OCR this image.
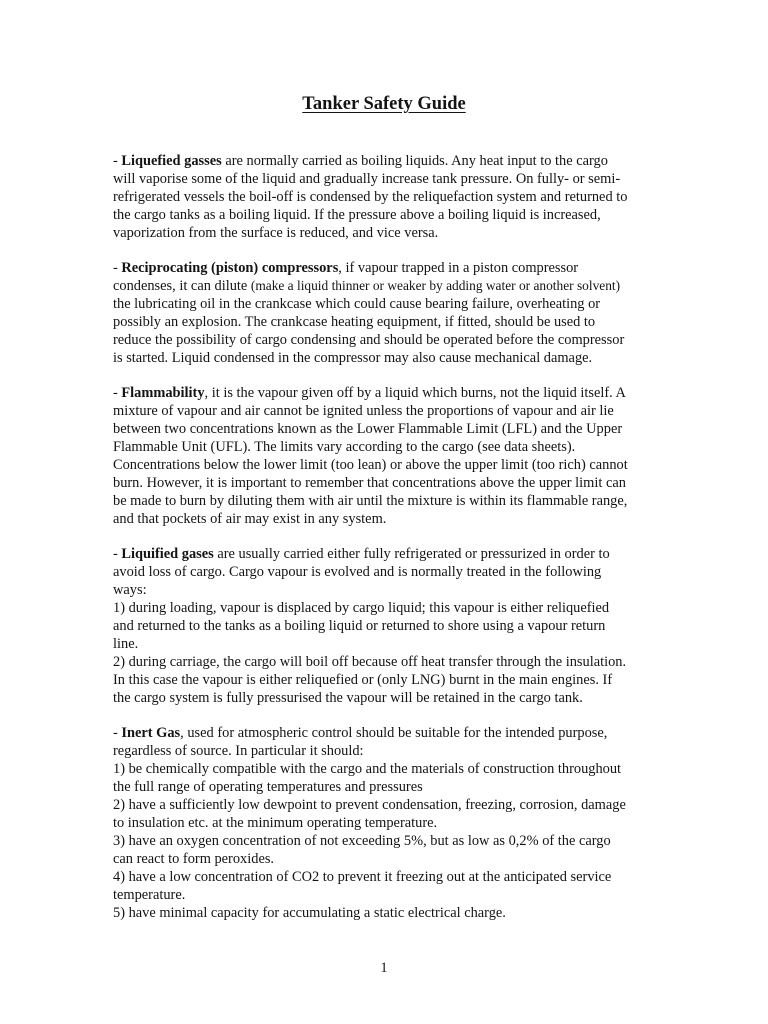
Tanker Safety Guide
- Liquefied gasses are normally carried as boiling liquids. Any heat input to the cargo
will vaporise some of the liquid and gradually increase tank pressure. On fully- or semi-
refrigerated vessels the boil-off is condensed by the reliquefaction system and returned to
the cargo tanks as a boiling liquid. If the pressure above a boiling liquid is increased,
vaporization from the surface is reduced, and vice versa.
- Reciprocating (piston) compressors, if vapour trapped in a piston compressor
condenses, it can dilute (make a liquid thinner or weaker by adding water or another solvent)
the lubricating oil in the crankcase which could cause bearing failure, overheating or
possibly an explosion. The crankcase heating equipment, if fitted, should be used to
reduce the possibility of cargo condensing and should be operated before the compressor
is started. Liquid condensed in the compressor may also cause mechanical damage.
- Flammability, it is the vapour given off by a liquid which burns, not the liquid itself. A
mixture of vapour and air cannot be ignited unless the proportions of vapour and air lie
between two concentrations known as the Lower Flammable Limit (LFL) and the Upper
Flammable Unit (UFL). The limits vary according to the cargo (see data sheets).
Concentrations below the lower limit (too lean) or above the upper limit (too rich) cannot
burn. However, it is important to remember that concentrations above the upper limit can
be made to burn by diluting them with air until the mixture is within its flammable range,
and that pockets of air may exist in any system.
- Liquified gases are usually carried either fully refrigerated or pressurized in order to
avoid loss of cargo. Cargo vapour is evolved and is normally treated in the following
ways:
1) during loading, vapour is displaced by cargo liquid; this vapour is either reliquefied
and returned to the tanks as a boiling liquid or returned to shore using a vapour return
line.
2) during carriage, the cargo will boil off because off heat transfer through the insulation.
In this case the vapour is either reliquefied or (only LNG) burnt in the main engines. If
the cargo system is fully pressurised the vapour will be retained in the cargo tank.
- Inert Gas, used for atmospheric control should be suitable for the intended purpose,
regardless of source. In particular it should:
1) be chemically compatible with the cargo and the materials of construction throughout
the full range of operating temperatures and pressures
2) have a sufficiently low dewpoint to prevent condensation, freezing, corrosion, damage
to insulation etc. at the minimum operating temperature.
3) have an oxygen concentration of not exceeding 5%, but as low as 0,2% of the cargo
can react to form peroxides.
4) have a low concentration of CO2 to prevent it freezing out at the anticipated service
temperature.
5) have minimal capacity for accumulating a static electrical charge.
1
